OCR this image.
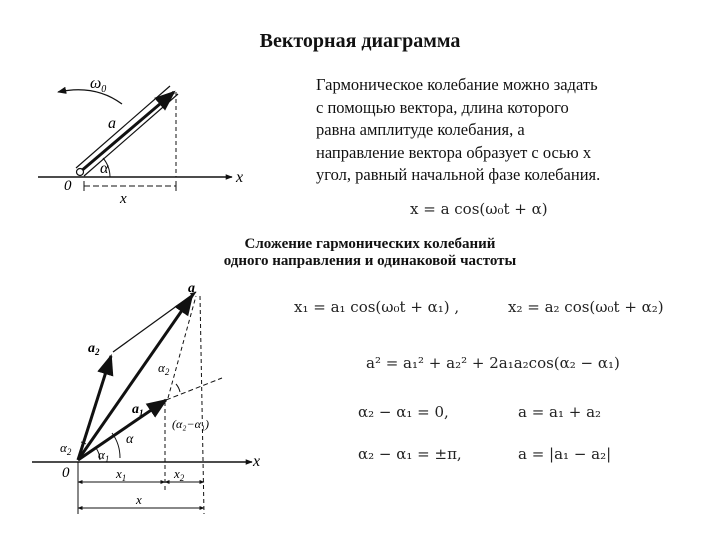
Векторная диаграмма
Гармоническое колебание можно задать
с помощью вектора, длина которого
равна амплитуде колебания, а
направление вектора образует с осью х
угол, равный начальной фазе колебания.
x = a cos(ω₀t + α)
Сложение гармонических колебаний
одного направления и одинаковой частоты
x₁ = a₁ cos(ω₀t + α₁) ,	x₂ = a₂ cos(ω₀t + α₂)
a² = a₁² + a₂² + 2a₁a₂cos(α₂ − α₁)
α₂ − α₁ = 0,	a = a₁ + a₂
α₂ − α₁ = ±π,	a = |a₁ − a₂|
$\omega_0$
a
α
0	x
x
a
$a_2$
$a_1$
$\alpha_2$
(α₂−α₁)
α
$\alpha_1$
$\alpha_2$
0
x
$x_1$	$x_2$
x
